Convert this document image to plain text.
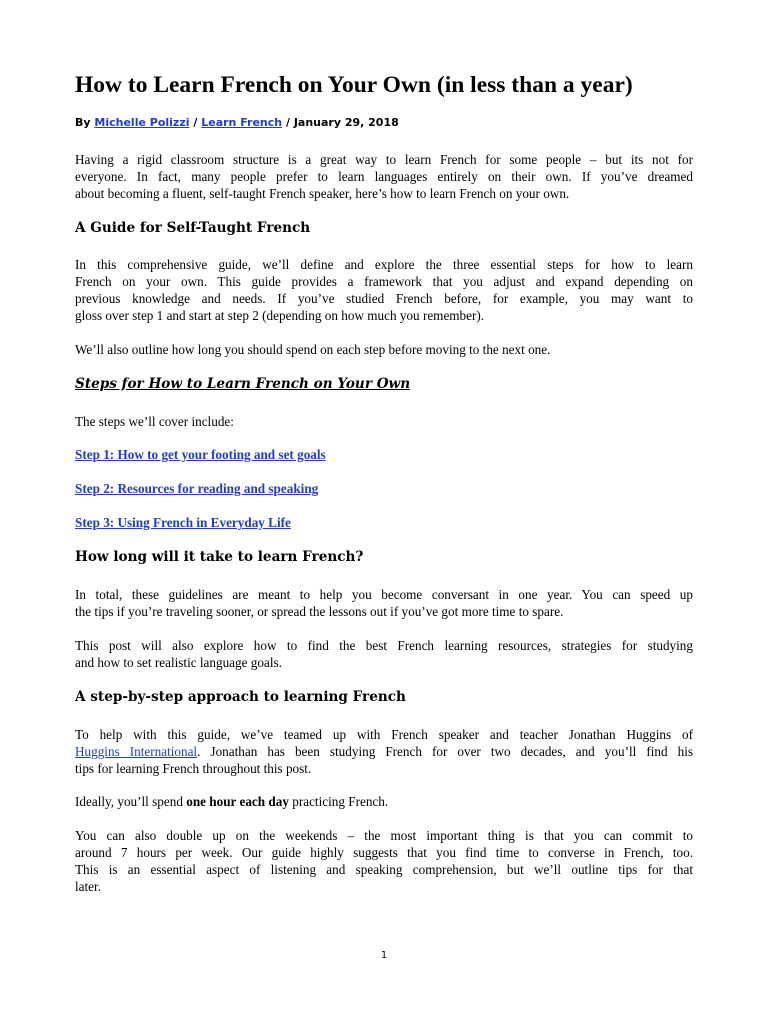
How to Learn French on Your Own (in less than a year)
By Michelle Polizzi / Learn French / January 29, 2018

Having a rigid classroom structure is a great way to learn French for some people – but its not for
everyone. In fact, many people prefer to learn languages entirely on their own. If you’ve dreamed
about becoming a fluent, self-taught French speaker, here’s how to learn French on your own.

A Guide for Self-Taught French

In this comprehensive guide, we’ll define and explore the three essential steps for how to learn
French on your own. This guide provides a framework that you adjust and expand depending on
previous knowledge and needs. If you’ve studied French before, for example, you may want to
gloss over step 1 and start at step 2 (depending on how much you remember).

We’ll also outline how long you should spend on each step before moving to the next one.

Steps for How to Learn French on Your Own

The steps we’ll cover include:

Step 1: How to get your footing and set goals
Step 2: Resources for reading and speaking
Step 3: Using French in Everyday Life
How long will it take to learn French?

In total, these guidelines are meant to help you become conversant in one year. You can speed up
the tips if you’re traveling sooner, or spread the lessons out if you’ve got more time to spare.

This post will also explore how to find the best French learning resources, strategies for studying
and how to set realistic language goals.

A step-by-step approach to learning French

To help with this guide, we’ve teamed up with French speaker and teacher Jonathan Huggins of
Huggins International. Jonathan has been studying French for over two decades, and you’ll find his
tips for learning French throughout this post.

Ideally, you’ll spend one hour each day practicing French.

You can also double up on the weekends – the most important thing is that you can commit to
around 7 hours per week. Our guide highly suggests that you find time to converse in French, too.
This is an essential aspect of listening and speaking comprehension, but we’ll outline tips for that
later.

1
